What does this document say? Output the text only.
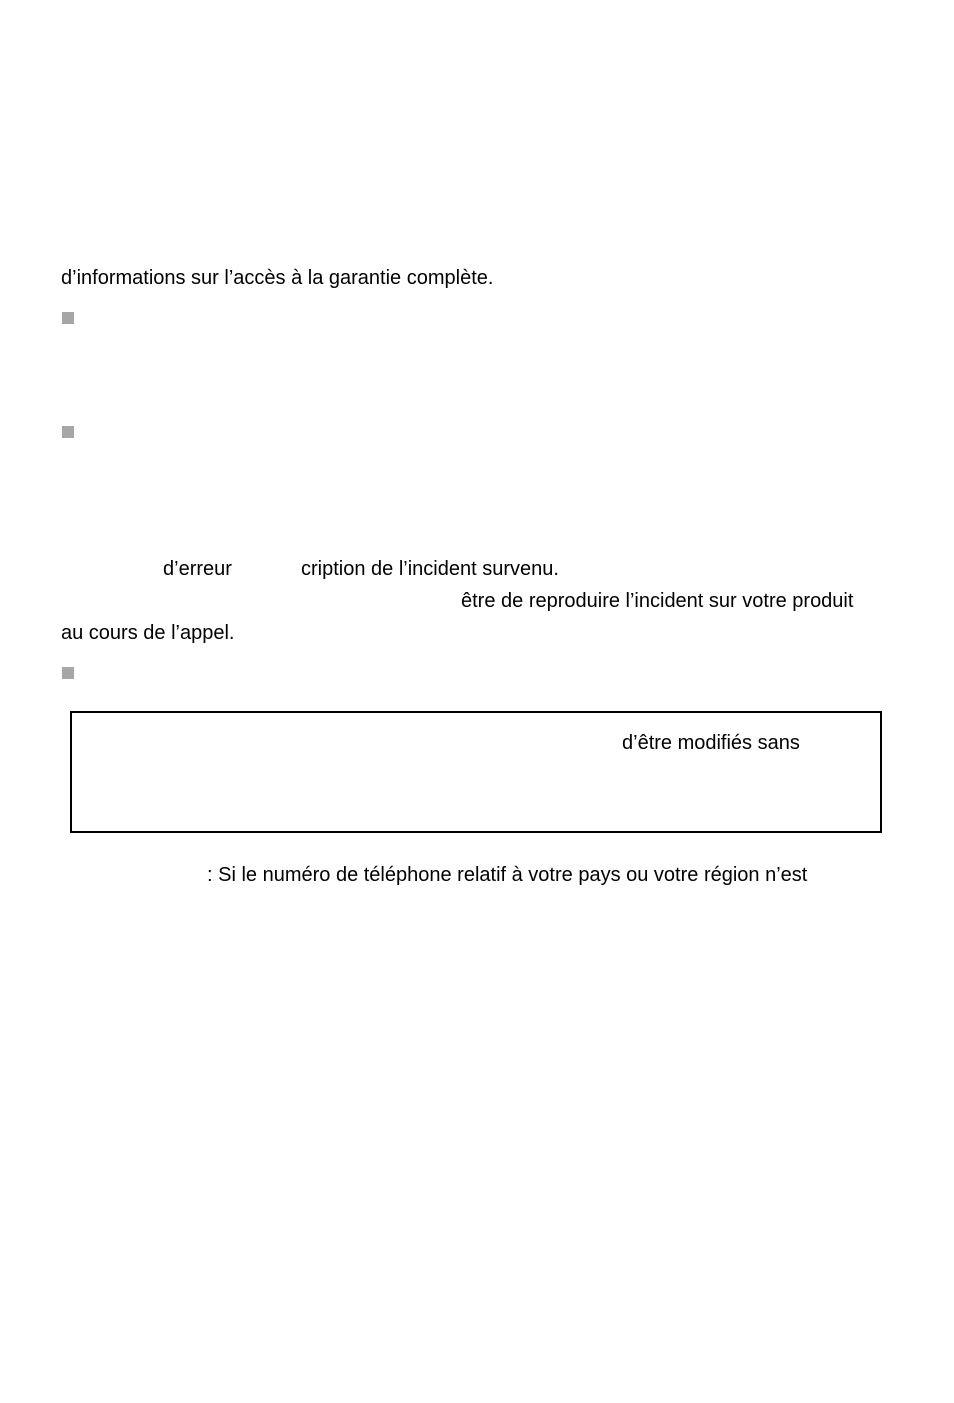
d’informations sur l’accès à la garantie complète.
d’erreur	cription de l’incident survenu.
être de reproduire l’incident sur votre produit
au cours de l’appel.
d’être modifiés sans
: Si le numéro de téléphone relatif à votre pays ou votre région n’est
